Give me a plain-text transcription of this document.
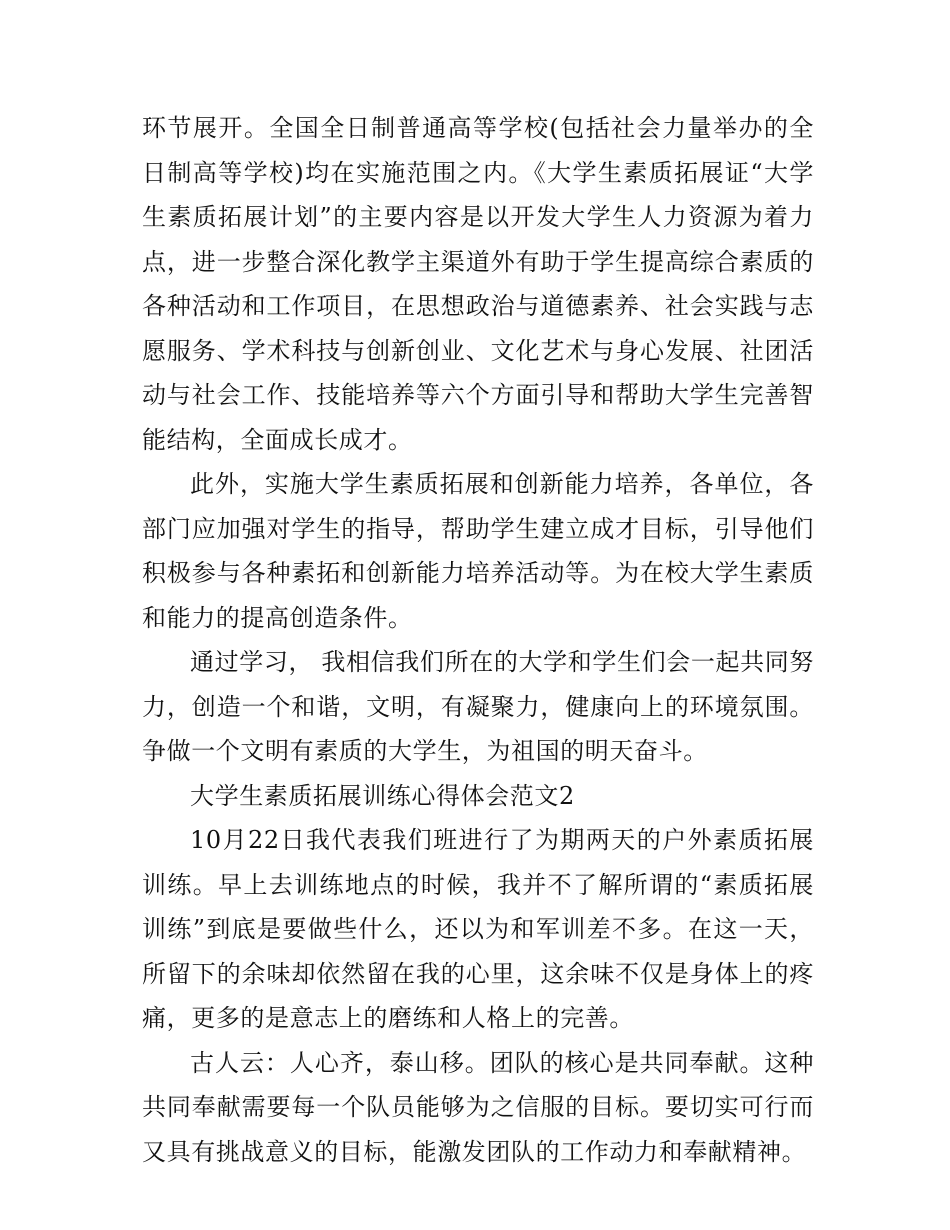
环节展开。全国全日制普通高等学校(包括社会力量举办的全日制高等学校)均在实施范围之内。《大学生素质拓展证“大学生素质拓展计划”的主要内容是以开发大学生人力资源为着力点，进一步整合深化教学主渠道外有助于学生提高综合素质的各种活动和工作项目，在思想政治与道德素养、社会实践与志愿服务、学术科技与创新创业、文化艺术与身心发展、社团活动与社会工作、技能培养等六个方面引导和帮助大学生完善智能结构，全面成长成才。

此外，实施大学生素质拓展和创新能力培养，各单位，各部门应加强对学生的指导，帮助学生建立成才目标，引导他们积极参与各种素拓和创新能力培养活动等。为在校大学生素质和能力的提高创造条件。

通过学习， 我相信我们所在的大学和学生们会一起共同努力，创造一个和谐，文明，有凝聚力，健康向上的环境氛围。争做一个文明有素质的大学生，为祖国的明天奋斗。

大学生素质拓展训练心得体会范文2

10月22日我代表我们班进行了为期两天的户外素质拓展训练。早上去训练地点的时候，我并不了解所谓的“素质拓展训练”到底是要做些什么，还以为和军训差不多。在这一天，所留下的余味却依然留在我的心里，这余味不仅是身体上的疼痛，更多的是意志上的磨练和人格上的完善。

古人云：人心齐，泰山移。团队的核心是共同奉献。这种共同奉献需要每一个队员能够为之信服的目标。要切实可行而又具有挑战意义的目标，能激发团队的工作动力和奉献精神。
